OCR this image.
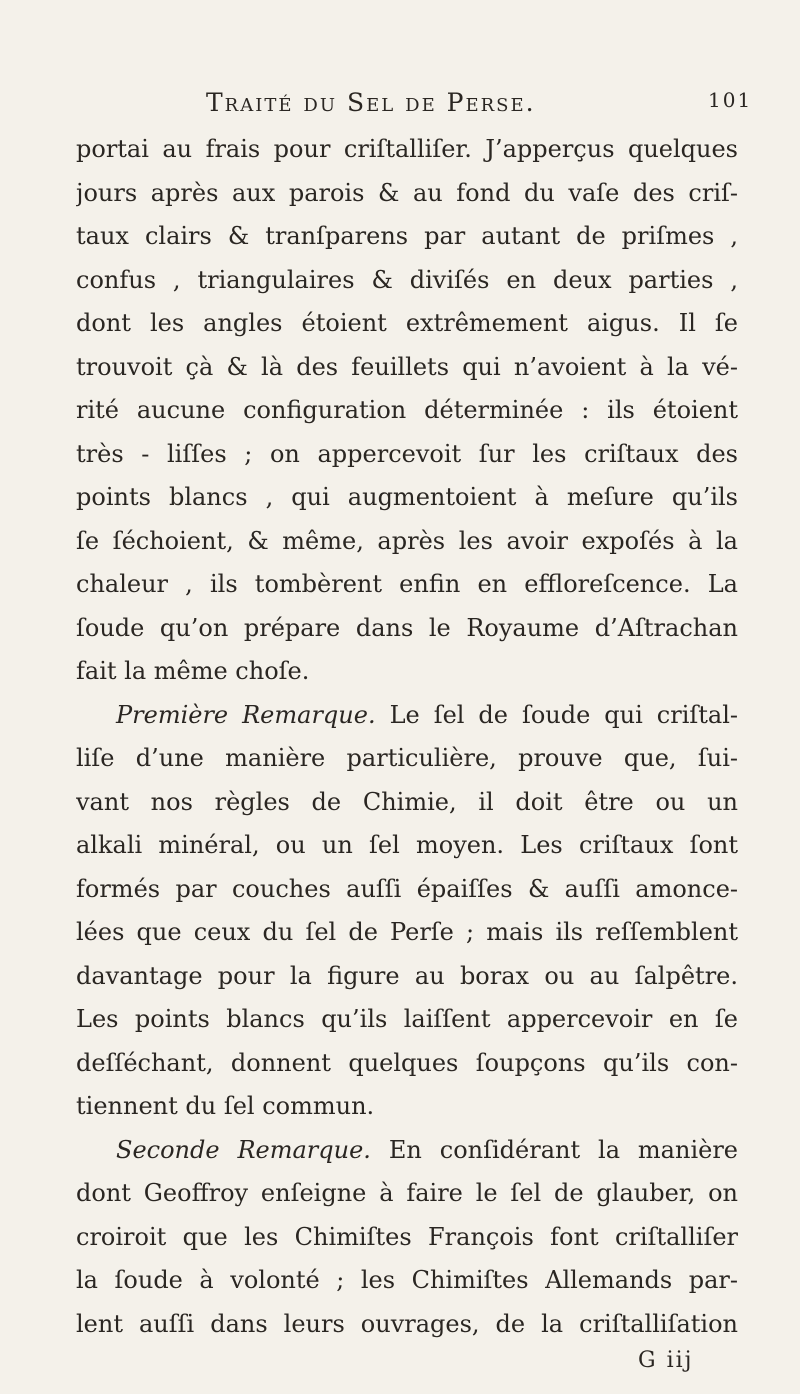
Traité du Sel de Perse.	101
portai au frais pour criſtalliſer. J’apperçus quelques
jours après aux parois & au fond du vaſe des criſ-
taux clairs & tranſparens par autant de priſmes ,
confus , triangulaires & diviſés en deux parties ,
dont les angles étoient extrêmement aigus. Il ſe
trouvoit çà & là des feuillets qui n’avoient à la vé-
rité aucune configuration déterminée : ils étoient
très - liſſes ; on appercevoit ſur les criſtaux des
points blancs , qui augmentoient à meſure qu’ils
ſe ſéchoient, & même, après les avoir expoſés à la
chaleur , ils tombèrent enfin en effloreſcence. La
ſoude qu’on prépare dans le Royaume d’Aſtrachan
fait la même choſe.
Première Remarque. Le ſel de ſoude qui criſtal-
liſe d’une manière particulière, prouve que, ſui-
vant nos règles de Chimie, il doit être ou un
alkali minéral, ou un ſel moyen. Les criſtaux ſont
formés par couches auſſi épaiſſes & auſſi amonce-
lées que ceux du ſel de Perſe ; mais ils reſſemblent
davantage pour la figure au borax ou au ſalpêtre.
Les points blancs qu’ils laiſſent appercevoir en ſe
deſſéchant, donnent quelques ſoupçons qu’ils con-
tiennent du ſel commun.
Seconde Remarque. En conſidérant la manière
dont Geoffroy enſeigne à faire le ſel de glauber, on
croiroit que les Chimiſtes François font criſtalliſer
la ſoude à volonté ; les Chimiſtes Allemands par-
lent auſſi dans leurs ouvrages, de la criſtalliſation
G iij
